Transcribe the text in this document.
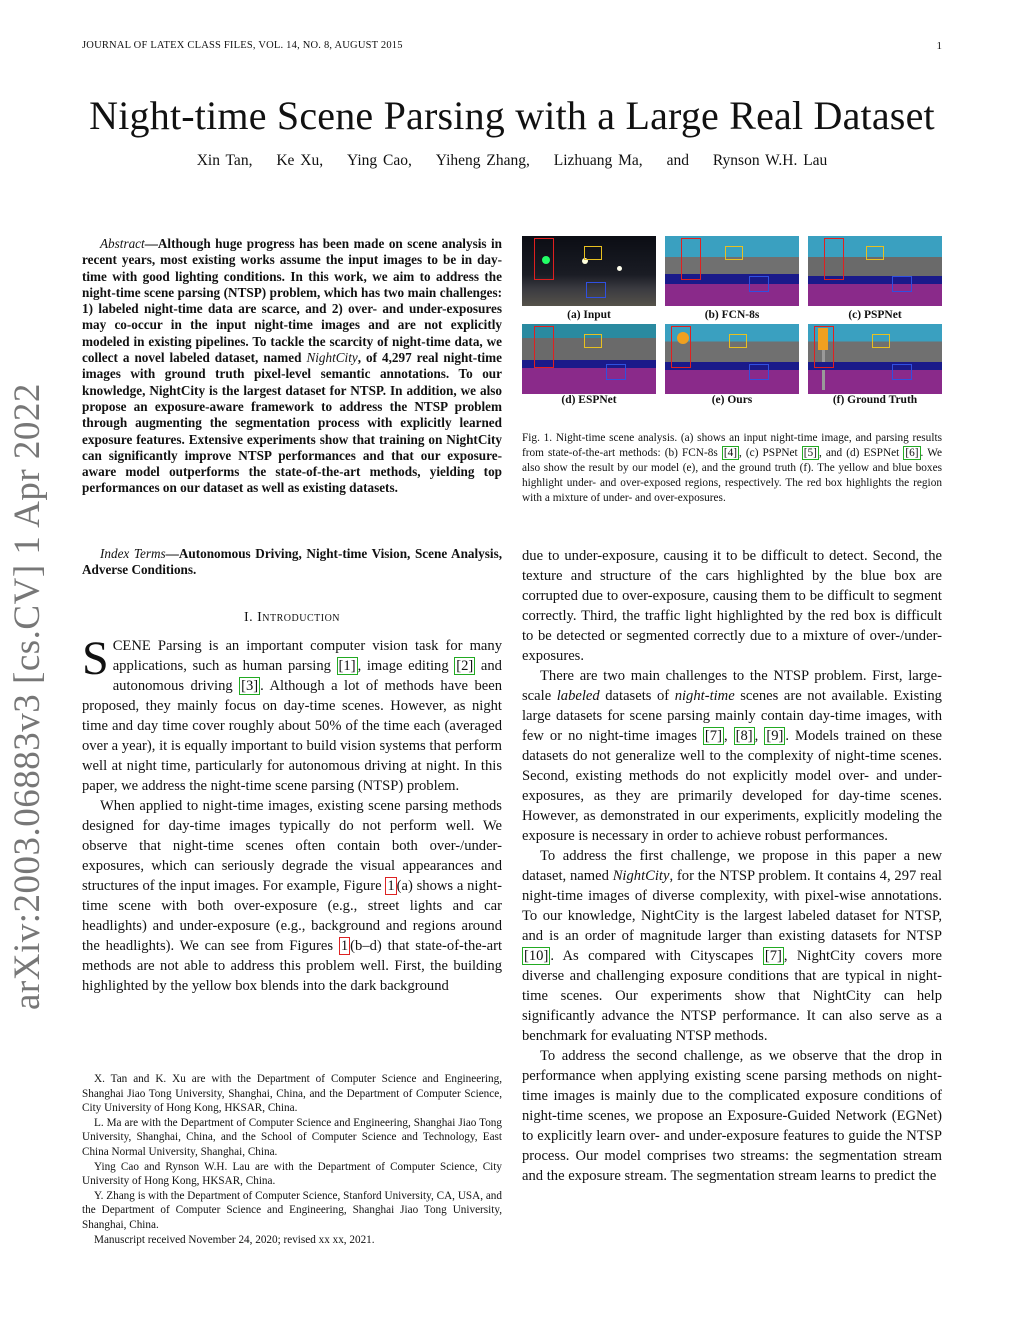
JOURNAL OF LATEX CLASS FILES, VOL. 14, NO. 8, AUGUST 2015	1
Night-time Scene Parsing with a Large Real Dataset
Xin Tan, Ke Xu, Ying Cao, Yiheng Zhang, Lizhuang Ma, and Rynson W.H. Lau
arXiv:2003.06883v3 [cs.CV] 1 Apr 2022

Abstract—Although huge progress has been made on scene analysis in recent years, most existing works assume the input images to be in day-time with good lighting conditions. In this work, we aim to address the night-time scene parsing (NTSP) problem, which has two main challenges: 1) labeled night-time data are scarce, and 2) over- and under-exposures may co-occur in the input night-time images and are not explicitly modeled in existing pipelines. To tackle the scarcity of night-time data, we collect a novel labeled dataset, named NightCity, of 4,297 real night-time images with ground truth pixel-level semantic annotations. To our knowledge, NightCity is the largest dataset for NTSP. In addition, we also propose an exposure-aware framework to address the NTSP problem through augmenting the segmentation process with explicitly learned exposure features. Extensive experiments show that training on NightCity can significantly improve NTSP performances and that our exposure-aware model outperforms the state-of-the-art methods, yielding top performances on our dataset as well as existing datasets.

Index Terms—Autonomous Driving, Night-time Vision, Scene Analysis, Adverse Conditions.

I. Introduction

SCENE Parsing is an important computer vision task for many applications, such as human parsing [1] , image editing [2] and autonomous driving [3] . Although a lot of methods have been proposed, they mainly focus on day-time scenes. However, as night time and day time cover roughly about 50% of the time each (averaged over a year), it is equally important to build vision systems that perform well at night time, particularly for autonomous driving at night. In this paper, we address the night-time scene parsing (NTSP) problem.

When applied to night-time images, existing scene parsing methods designed for day-time images typically do not perform well. We observe that night-time scenes often contain both over-/under-exposures, which can seriously degrade the visual appearances and structures of the input images. For example, Figure 1 (a) shows a night-time scene with both over-exposure (e.g., street lights and car headlights) and under-exposure (e.g., background and regions around the headlights). We can see from Figures 1 (b–d) that state-of-the-art methods are not able to address this problem well. First, the building highlighted by the yellow box blends into the dark background

X. Tan and K. Xu are with the Department of Computer Science and Engineering, Shanghai Jiao Tong University, Shanghai, China, and the Department of Computer Science, City University of Hong Kong, HKSAR, China.

L. Ma are with the Department of Computer Science and Engineering, Shanghai Jiao Tong University, Shanghai, China, and the School of Computer Science and Technology, East China Normal University, Shanghai, China.

Ying Cao and Rynson W.H. Lau are with the Department of Computer Science, City University of Hong Kong, HKSAR, China.

Y. Zhang is with the Department of Computer Science, Stanford University, CA, USA, and the Department of Computer Science and Engineering, Shanghai Jiao Tong University, Shanghai, China.

Manuscript received November 24, 2020; revised xx xx, 2021.

(a) Input	(b) FCN-8s	(c) PSPNet
(d) ESPNet	(e) Ours	(f) Ground Truth
Fig. 1. Night-time scene analysis. (a) shows an input night-time image, and parsing results from state-of-the-art methods: (b) FCN-8s [4] , (c) PSPNet [5] , and (d) ESPNet [6] . We also show the result by our model (e), and the ground truth (f). The yellow and blue boxes highlight under- and over-exposed regions, respectively. The red box highlights the region with a mixture of under- and over-exposures.

due to under-exposure, causing it to be difficult to detect. Second, the texture and structure of the cars highlighted by the blue box are corrupted due to over-exposure, causing them to be difficult to segment correctly. Third, the traffic light highlighted by the red box is difficult to be detected or segmented correctly due to a mixture of over-/under-exposures.

There are two main challenges to the NTSP problem. First, large-scale labeled datasets of night-time scenes are not available. Existing large datasets for scene parsing mainly contain day-time images, with few or no night-time images [7] , [8] , [9] . Models trained on these datasets do not generalize well to the complexity of night-time scenes. Second, existing methods do not explicitly model over- and under-exposures, as they are primarily developed for day-time scenes. However, as demonstrated in our experiments, explicitly modeling the exposure is necessary in order to achieve robust performances.

To address the first challenge, we propose in this paper a new dataset, named NightCity, for the NTSP problem. It contains 4, 297 real night-time images of diverse complexity, with pixel-wise annotations. To our knowledge, NightCity is the largest labeled dataset for NTSP, and is an order of magnitude larger than existing datasets for NTSP [10] . As compared with Cityscapes [7] , NightCity covers more diverse and challenging exposure conditions that are typical in night-time scenes. Our experiments show that NightCity can help significantly advance the NTSP performance. It can also serve as a benchmark for evaluating NTSP methods.

To address the second challenge, as we observe that the drop in performance when applying existing scene parsing methods on night-time images is mainly due to the complicated exposure conditions of night-time scenes, we propose an Exposure-Guided Network (EGNet) to explicitly learn over- and under-exposure features to guide the NTSP process. Our model comprises two streams: the segmentation stream and the exposure stream. The segmentation stream learns to predict the
